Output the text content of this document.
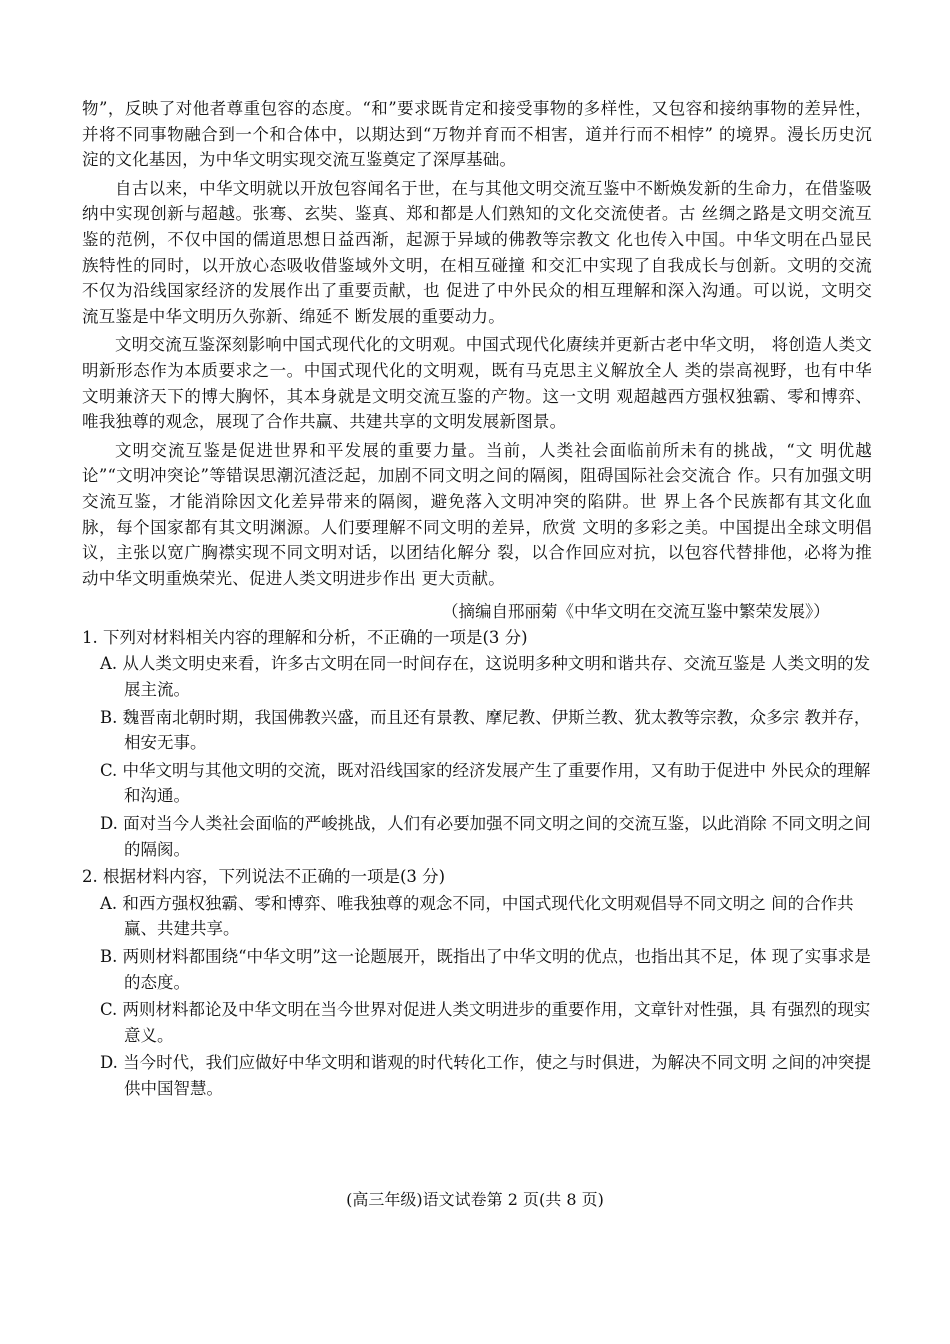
物”，反映了对他者尊重包容的态度。“和”要求既肯定和接受事物的多样性，又包容和接纳事物的差异性，并将不同事物融合到一个和合体中，以期达到“万物并育而不相害，道并行而不相悖” 的境界。漫长历史沉淀的文化基因，为中华文明实现交流互鉴奠定了深厚基础。

自古以来，中华文明就以开放包容闻名于世，在与其他文明交流互鉴中不断焕发新的生命力，在借鉴吸纳中实现创新与超越。张骞、玄奘、鉴真、郑和都是人们熟知的文化交流使者。古 丝绸之路是文明交流互鉴的范例，不仅中国的儒道思想日益西渐，起源于异域的佛教等宗教文 化也传入中国。中华文明在凸显民族特性的同时，以开放心态吸收借鉴域外文明，在相互碰撞 和交汇中实现了自我成长与创新。文明的交流不仅为沿线国家经济的发展作出了重要贡献，也 促进了中外民众的相互理解和深入沟通。可以说，文明交流互鉴是中华文明历久弥新、绵延不 断发展的重要动力。

文明交流互鉴深刻影响中国式现代化的文明观。中国式现代化赓续并更新古老中华文明， 将创造人类文明新形态作为本质要求之一。中国式现代化的文明观，既有马克思主义解放全人 类的崇高视野，也有中华文明兼济天下的博大胸怀，其本身就是文明交流互鉴的产物。这一文明 观超越西方强权独霸、零和博弈、唯我独尊的观念，展现了合作共赢、共建共享的文明发展新图景。

文明交流互鉴是促进世界和平发展的重要力量。当前，人类社会面临前所未有的挑战，“文 明优越论”“文明冲突论”等错误思潮沉渣泛起，加剧不同文明之间的隔阂，阻碍国际社会交流合 作。只有加强文明交流互鉴，才能消除因文化差异带来的隔阂，避免落入文明冲突的陷阱。世 界上各个民族都有其文化血脉，每个国家都有其文明渊源。人们要理解不同文明的差异，欣赏 文明的多彩之美。中国提出全球文明倡议，主张以宽广胸襟实现不同文明对话，以团结化解分 裂，以合作回应对抗，以包容代替排他，必将为推动中华文明重焕荣光、促进人类文明进步作出 更大贡献。

（摘编自邢丽菊《中华文明在交流互鉴中繁荣发展》）

1. 下列对材料相关内容的理解和分析，不正确的一项是(3 分)

A. 从人类文明史来看，许多古文明在同一时间存在，这说明多种文明和谐共存、交流互鉴是 人类文明的发展主流。

B. 魏晋南北朝时期，我国佛教兴盛，而且还有景教、摩尼教、伊斯兰教、犹太教等宗教，众多宗 教并存，相安无事。

C. 中华文明与其他文明的交流，既对沿线国家的经济发展产生了重要作用，又有助于促进中 外民众的理解和沟通。

D. 面对当今人类社会面临的严峻挑战，人们有必要加强不同文明之间的交流互鉴，以此消除 不同文明之间的隔阂。

2. 根据材料内容，下列说法不正确的一项是(3 分)

A. 和西方强权独霸、零和博弈、唯我独尊的观念不同，中国式现代化文明观倡导不同文明之 间的合作共赢、共建共享。

B. 两则材料都围绕“中华文明”这一论题展开，既指出了中华文明的优点，也指出其不足，体 现了实事求是的态度。

C. 两则材料都论及中华文明在当今世界对促进人类文明进步的重要作用，文章针对性强，具 有强烈的现实意义。

D. 当今时代，我们应做好中华文明和谐观的时代转化工作，使之与时俱进，为解决不同文明 之间的冲突提供中国智慧。

(高三年级)语文试卷第 2 页(共 8 页)
